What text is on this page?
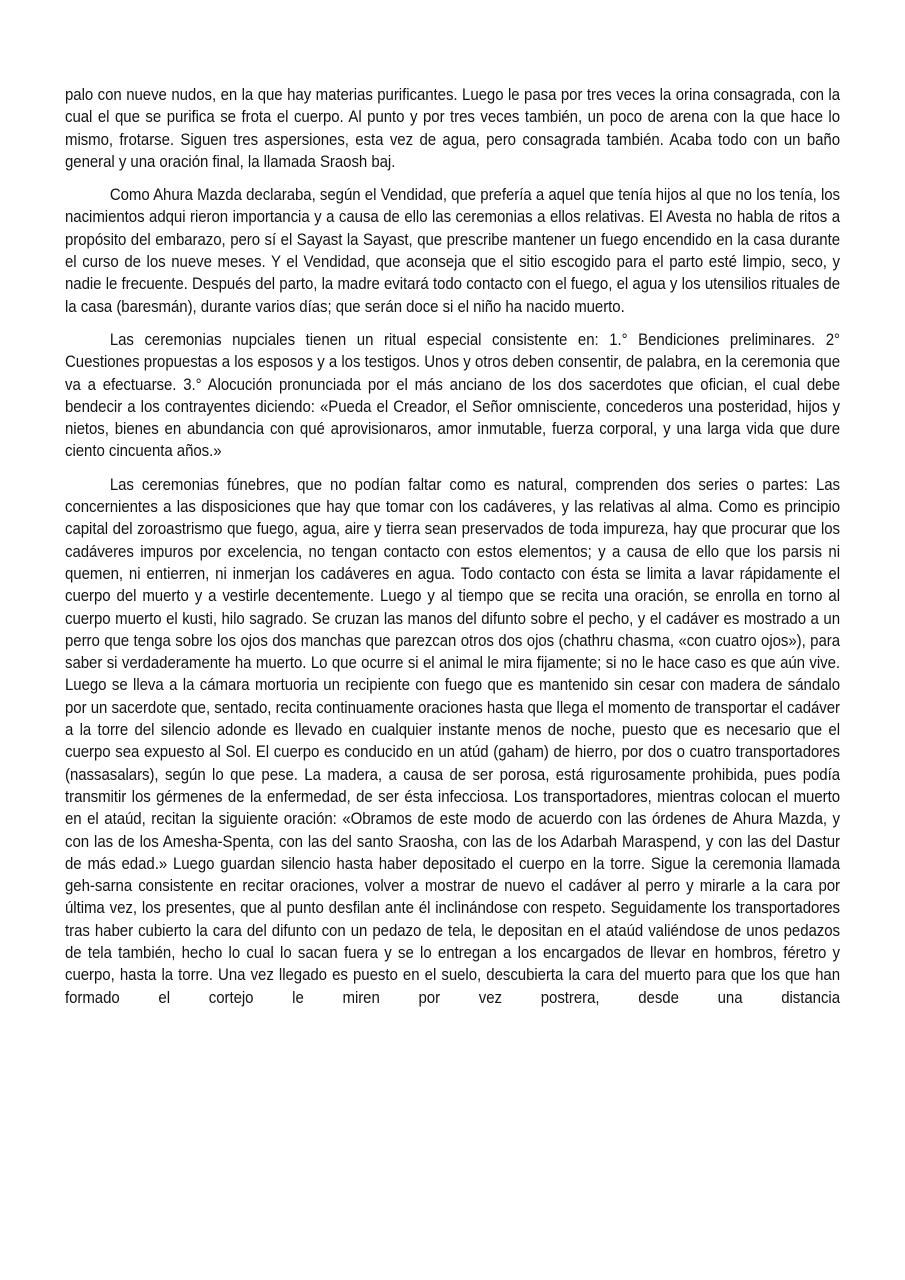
palo con nueve nudos, en la que hay materias purificantes. Luego le pasa por tres veces la orina consagrada, con la cual el que se purifica se frota el cuerpo. Al punto y por tres veces también, un poco de arena con la que hace lo mismo, frotarse. Siguen tres aspersiones, esta vez de agua, pero consagrada también. Acaba todo con un baño general y una oración final, la llamada Sraosh baj.

Como Ahura Mazda declaraba, según el Vendidad, que prefería a aquel que tenía hijos al que no los tenía, los nacimientos adqui rieron importancia y a causa de ello las ceremonias a ellos relativas. El Avesta no habla de ritos a propósito del embarazo, pero sí el Sayast la Sayast, que prescribe mantener un fuego encendido en la casa durante el curso de los nueve meses. Y el Vendidad, que aconseja que el sitio escogido para el parto esté limpio, seco, y nadie le frecuente. Después del parto, la madre evitará todo contacto con el fuego, el agua y los utensilios rituales de la casa (baresmán), durante varios días; que serán doce si el niño ha nacido muerto.

Las ceremonias nupciales tienen un ritual especial consistente en: 1.° Bendiciones preliminares. 2° Cuestiones propuestas a los esposos y a los testigos. Unos y otros deben consentir, de palabra, en la ceremonia que va a efectuarse. 3.° Alocución pronunciada por el más anciano de los dos sacerdotes que ofician, el cual debe bendecir a los contrayentes diciendo: «Pueda el Creador, el Señor omnisciente, concederos una posteridad, hijos y nietos, bienes en abundancia con qué aprovisionaros, amor inmutable, fuerza corporal, y una larga vida que dure ciento cincuenta años.»

Las ceremonias fúnebres, que no podían faltar como es natural, comprenden dos series o partes: Las concernientes a las disposiciones que hay que tomar con los cadáveres, y las relativas al alma. Como es principio capital del zoroastrismo que fuego, agua, aire y tierra sean preservados de toda impureza, hay que procurar que los cadáveres impuros por excelencia, no tengan contacto con estos elementos; y a causa de ello que los parsis ni quemen, ni entierren, ni inmerjan los cadáveres en agua. Todo contacto con ésta se limita a lavar rápidamente el cuerpo del muerto y a vestirle decentemente. Luego y al tiempo que se recita una oración, se enrolla en torno al cuerpo muerto el kusti, hilo sagrado. Se cruzan las manos del difunto sobre el pecho, y el cadáver es mostrado a un perro que tenga sobre los ojos dos manchas que parezcan otros dos ojos (chathru chasma, «con cuatro ojos»), para saber si verdaderamente ha muerto. Lo que ocurre si el animal le mira fijamente; si no le hace caso es que aún vive. Luego se lleva a la cámara mortuoria un recipiente con fuego que es mantenido sin cesar con madera de sándalo por un sacerdote que, sentado, recita continuamente oraciones hasta que llega el momento de transportar el cadáver a la torre del silencio adonde es llevado en cualquier instante menos de noche, puesto que es necesario que el cuerpo sea expuesto al Sol. El cuerpo es conducido en un atúd (gaham) de hierro, por dos o cuatro transportadores (nassasalars), según lo que pese. La madera, a causa de ser porosa, está rigurosamente prohibida, pues podía transmitir los gérmenes de la enfermedad, de ser ésta infecciosa. Los transportadores, mientras colocan el muerto en el ataúd, recitan la siguiente oración: «Obramos de este modo de acuerdo con las órdenes de Ahura Mazda, y con las de los Amesha-Spenta, con las del santo Sraosha, con las de los Adarbah Maraspend, y con las del Dastur de más edad.» Luego guardan silencio hasta haber depositado el cuerpo en la torre. Sigue la ceremonia llamada geh-sarna consistente en recitar oraciones, volver a mostrar de nuevo el cadáver al perro y mirarle a la cara por última vez, los presentes, que al punto desfilan ante él inclinándose con respeto. Seguidamente los transportadores tras haber cubierto la cara del difunto con un pedazo de tela, le depositan en el ataúd valiéndose de unos pedazos de tela también, hecho lo cual lo sacan fuera y se lo entregan a los encargados de llevar en hombros, féretro y cuerpo, hasta la torre. Una vez llegado es puesto en el suelo, descubierta la cara del muerto para que los que han formado el cortejo le miren por vez postrera, desde una distancia
